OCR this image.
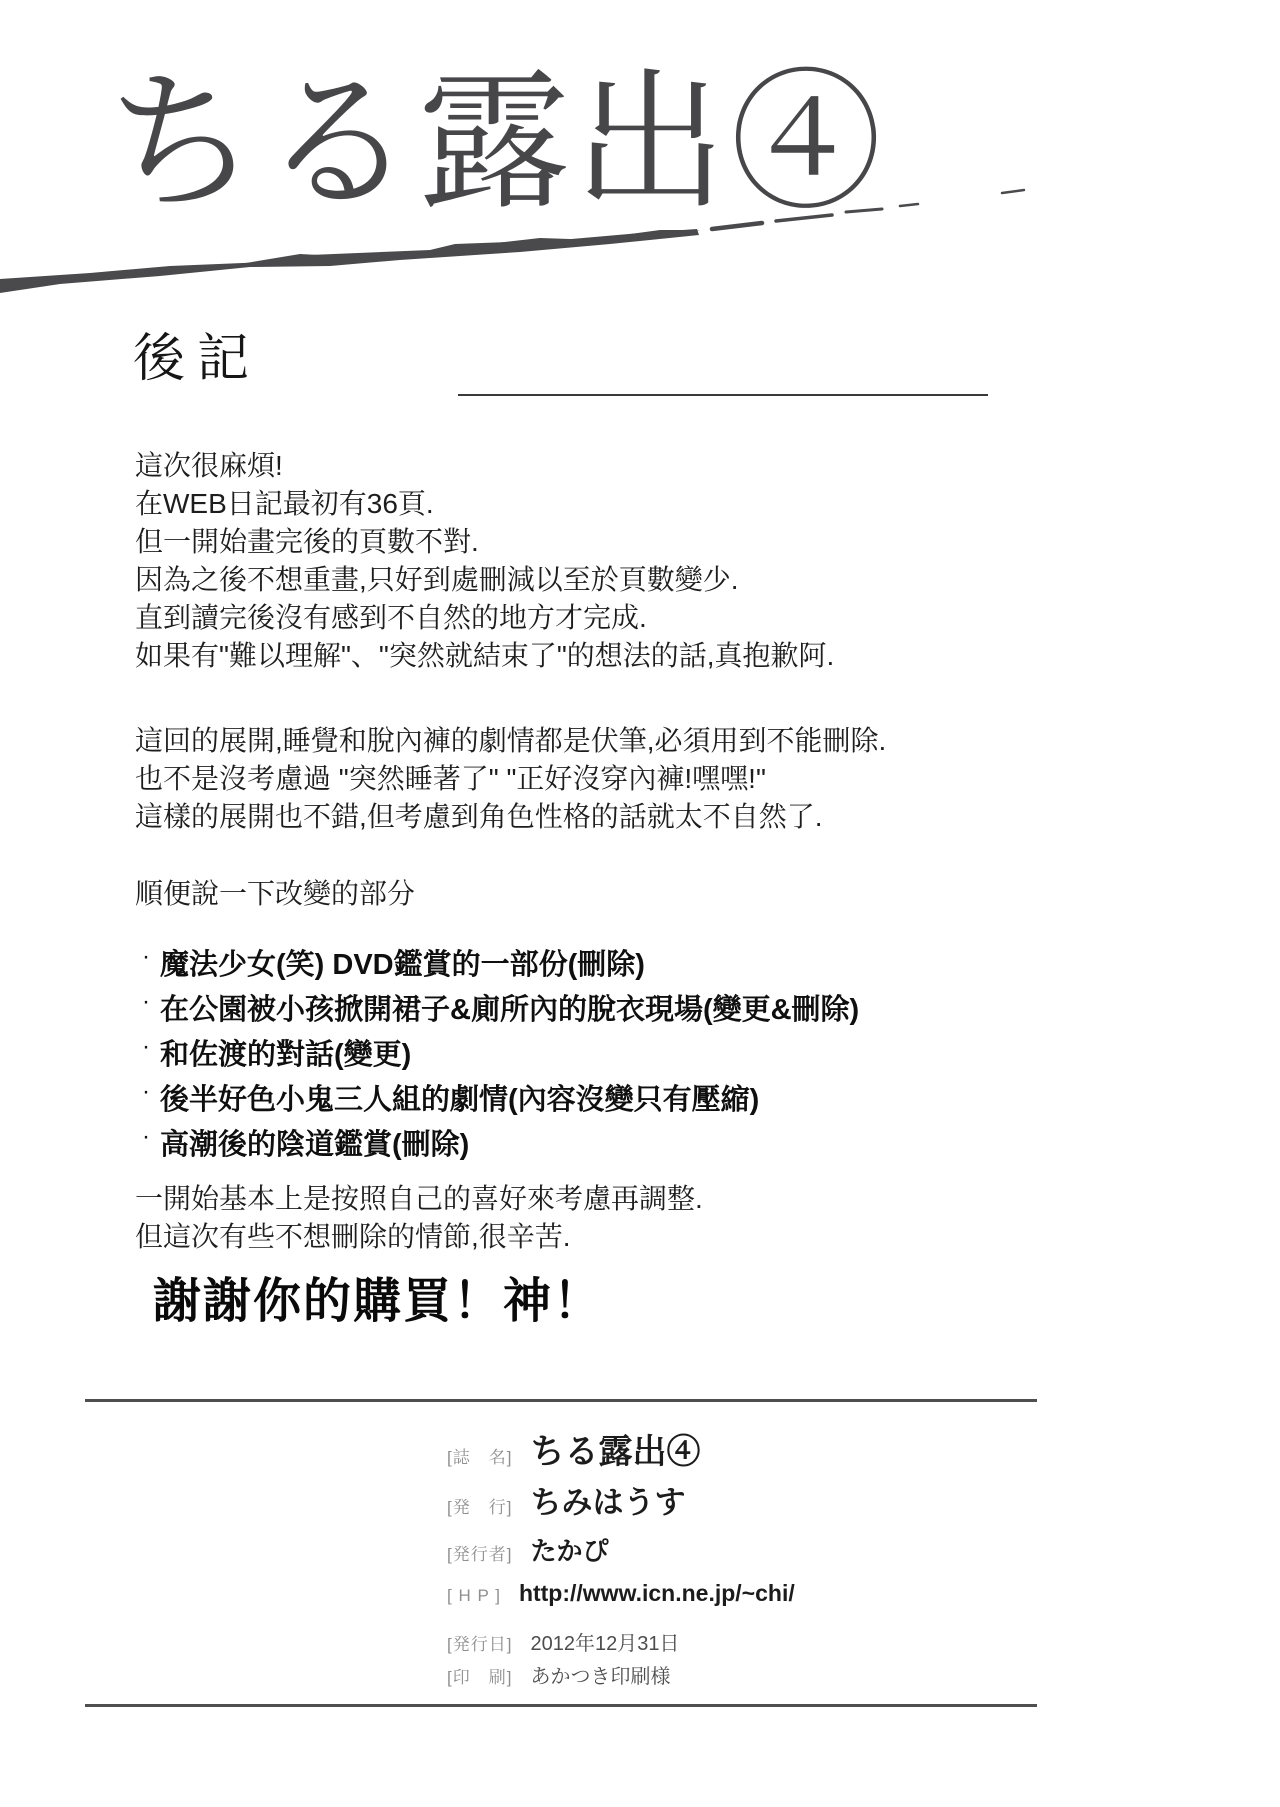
ちる露出④
後記
這次很麻煩!
在WEB日記最初有36頁.
但一開始畫完後的頁數不對.
因為之後不想重畫,只好到處刪減以至於頁數變少.
直到讀完後沒有感到不自然的地方才完成.
如果有"難以理解"、"突然就結束了"的想法的話,真抱歉阿.
這回的展開,睡覺和脫內褲的劇情都是伏筆,必須用到不能刪除.
也不是沒考慮過 "突然睡著了" "正好沒穿內褲!嘿嘿!"
這樣的展開也不錯,但考慮到角色性格的話就太不自然了.
順便說一下改變的部分
· 魔法少女(笑) DVD鑑賞的一部份(刪除)
· 在公園被小孩掀開裙子&廁所內的脫衣現場(變更&刪除)
· 和佐渡的對話(變更)
· 後半好色小鬼三人組的劇情(內容沒變只有壓縮)
· 高潮後的陰道鑑賞(刪除)
一開始基本上是按照自己的喜好來考慮再調整.
但這次有些不想刪除的情節,很辛苦.
謝謝你的購買！神！
[誌　名] ちる露出④
[発　行] ちみはうす
[発行者] たかぴ
[ H P ] http://www.icn.ne.jp/~chi/
[発行日] 2012年12月31日
[印　刷] あかつき印刷様
